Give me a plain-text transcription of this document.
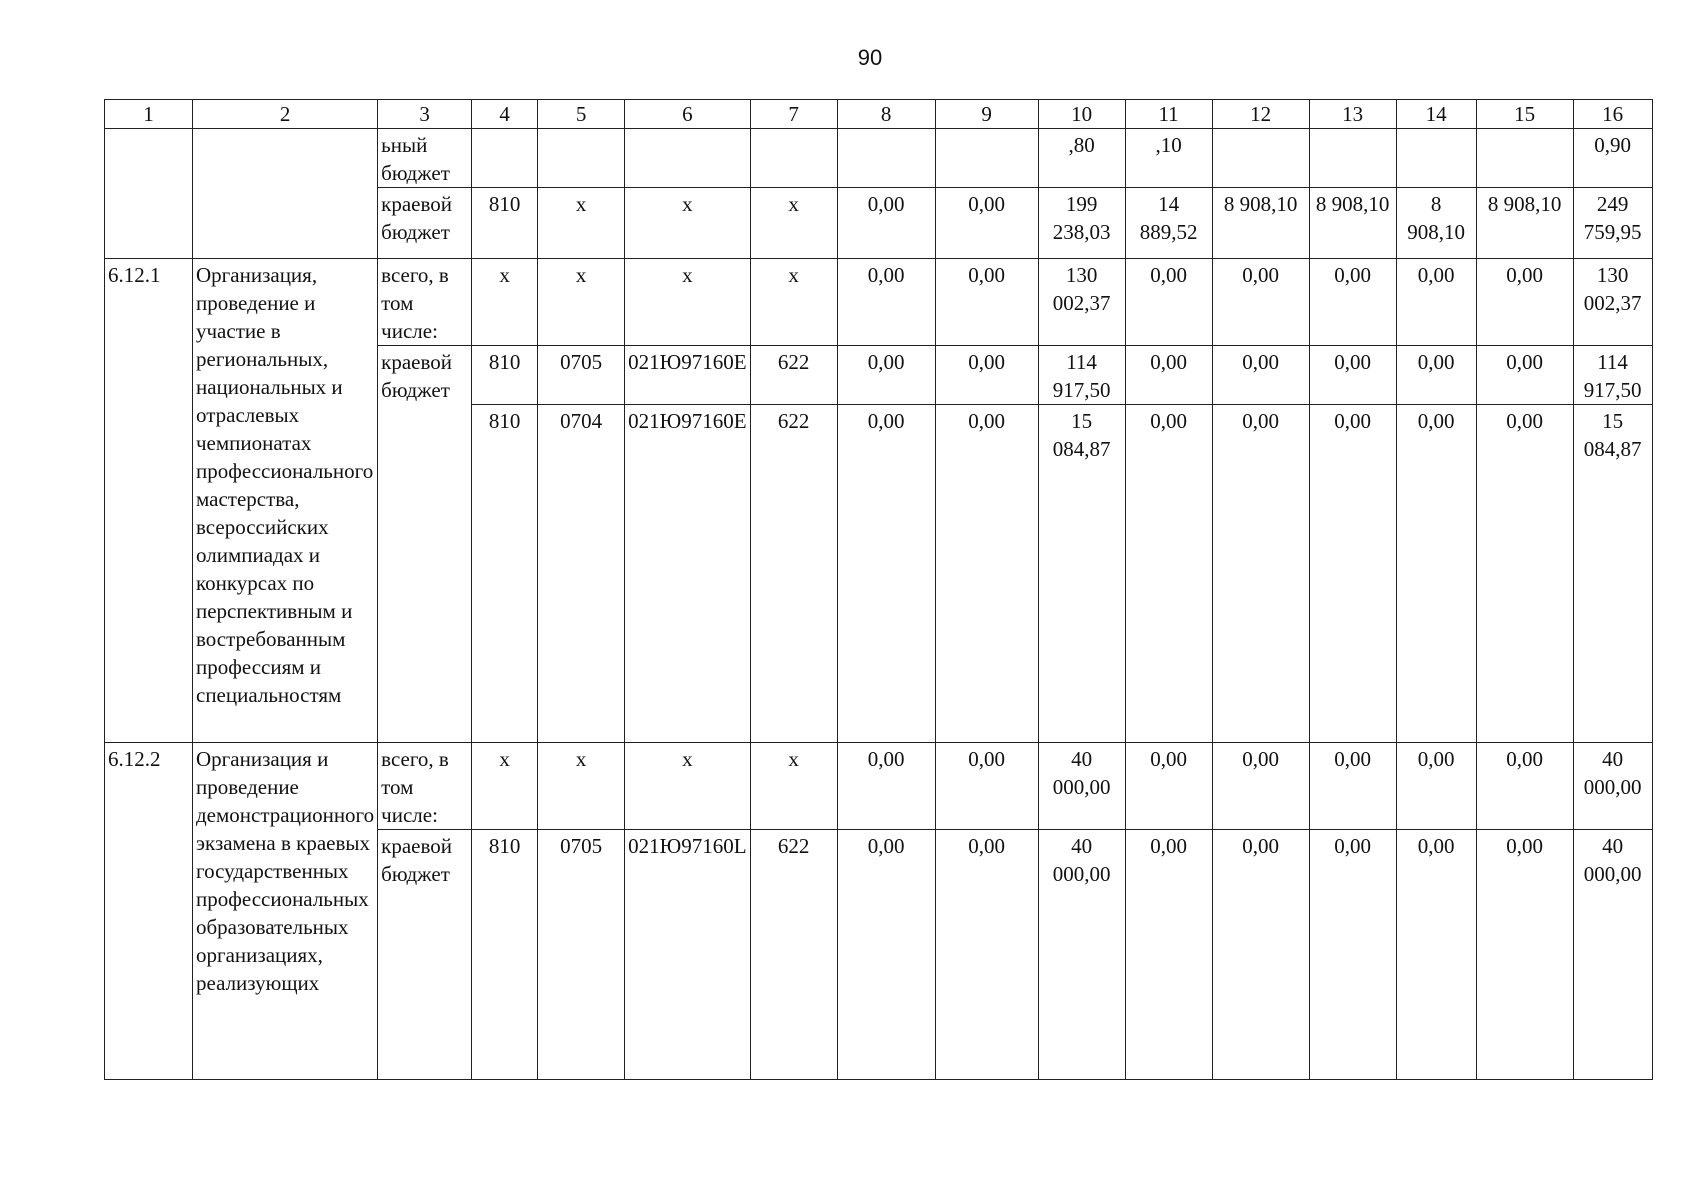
90
1	2	3	4	5	6	7	8	9	10	11	12	13	14	15	16
		ьный бюджет							,80	,10					0,90
		краевой бюджет	810	x	x	x	0,00	0,00	199 238,03	14 889,52	8 908,10	8 908,10	8 908,10	8 908,10	249 759,95
6.12.1	Организация, проведение и участие в региональных, национальных и отраслевых чемпионатах профессионального мастерства, всероссийских олимпиадах и конкурсах по перспективным и востребованным профессиям и специальностям	всего, в том числе:	x	x	x	x	0,00	0,00	130 002,37	0,00	0,00	0,00	0,00	0,00	130 002,37
		краевой бюджет	810	0705	021Ю97160Е	622	0,00	0,00	114 917,50	0,00	0,00	0,00	0,00	0,00	114 917,50
			810	0704	021Ю97160Е	622	0,00	0,00	15 084,87	0,00	0,00	0,00	0,00	0,00	15 084,87
6.12.2	Организация и проведение демонстрационного экзамена в краевых государственных профессиональных образовательных организациях, реализующих	всего, в том числе:	x	x	x	x	0,00	0,00	40 000,00	0,00	0,00	0,00	0,00	0,00	40 000,00
		краевой бюджет	810	0705	021Ю97160L	622	0,00	0,00	40 000,00	0,00	0,00	0,00	0,00	0,00	40 000,00
